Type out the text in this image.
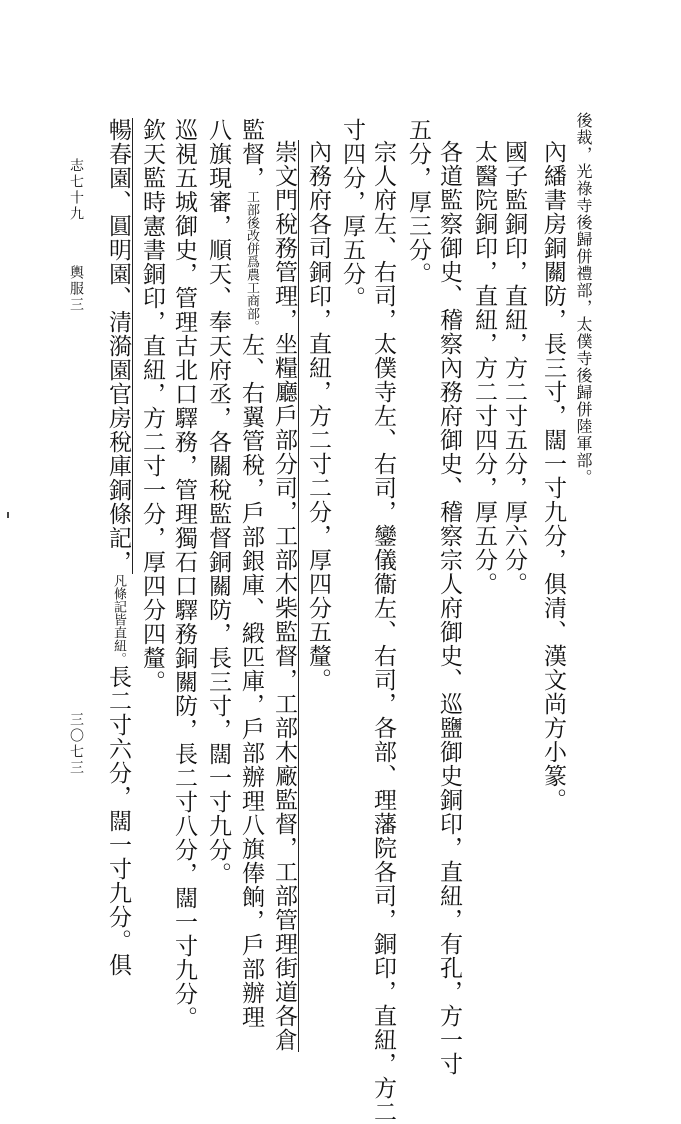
後裁，光祿寺後歸併禮部，太僕寺後歸併陸軍部。
內繙書房銅關防，長三寸，闊一寸九分，俱清、漢文尚方小篆。
國子監銅印，直紐，方二寸五分，厚六分。
太醫院銅印，直紐，方二寸四分，厚五分。
各道監察御史、稽察內務府御史、稽察宗人府御史、巡鹽御史銅印，直紐，有孔，方一寸
五分，厚三分。
宗人府左、右司，太僕寺左、右司，鑾儀衞左、右司，各部、理藩院各司，銅印，直紐，方二
寸四分，厚五分。
內務府各司銅印，直紐，方二寸二分，厚四分五釐。
崇文門稅務管理，坐糧廳戶部分司，工部木柴監督，工部木廠監督，工部管理街道各倉
監督，工部後改併爲農工商部。左、右翼管稅，戶部銀庫、緞匹庫，戶部辦理八旗俸餉，戶部辦理
八旗現審，順天、奉天府丞，各關稅監督銅關防，長三寸，闊一寸九分。
巡視五城御史，管理古北口驛務，管理獨石口驛務銅關防，長二寸八分，闊一寸九分。
欽天監時憲書銅印，直紐，方二寸一分，厚四分四釐。
暢春園、圓明園、清漪園官房稅庫銅條記，凡條記皆直紐。長二寸六分，闊一寸九分。俱
志七十九
輿服三
三〇七三
